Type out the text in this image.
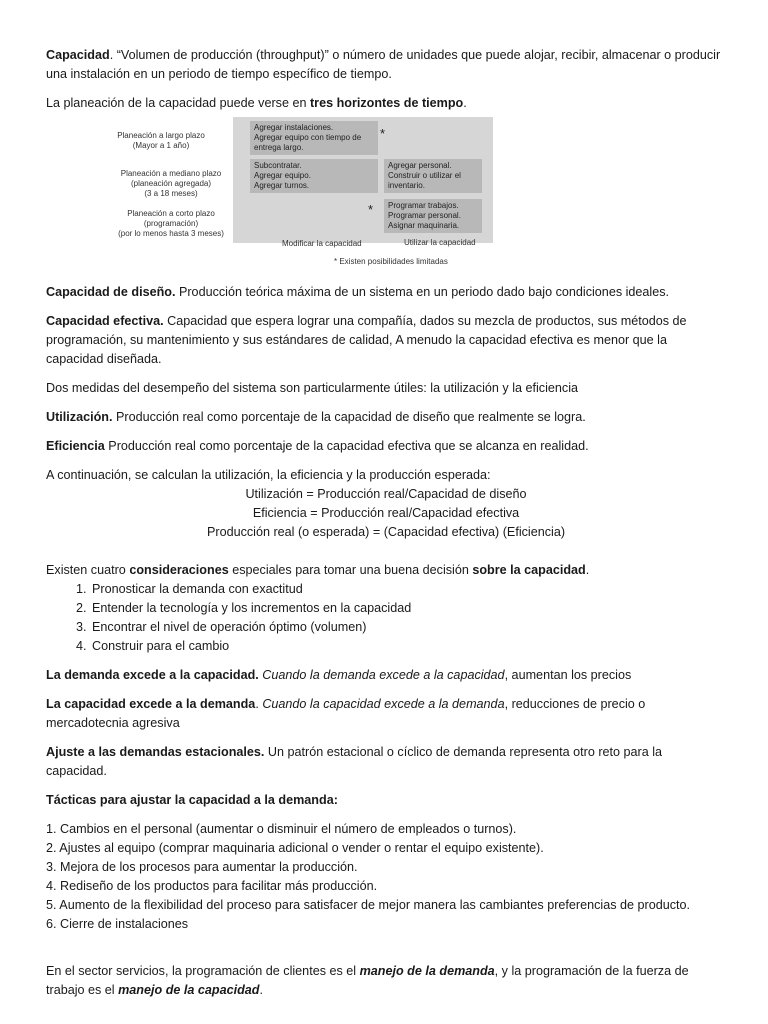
Capacidad. “Volumen de producción (throughput)” o número de unidades que puede alojar, recibir, almacenar o producir una instalación en un periodo de tiempo específico de tiempo.

La planeación de la capacidad puede verse en tres horizontes de tiempo.

Planeación a largo plazo
(Mayor a 1 año)
Planeación a mediano plazo
(planeación agregada)
(3 a 18 meses)
Planeación a corto plazo
(programación)
(por lo menos hasta 3 meses)
Agregar instalaciones.
Agregar equipo con tiempo de
entrega largo.
*
Subcontratar.
Agregar equipo.
Agregar turnos.
Agregar personal.
Construir o utilizar el
inventario.
* Programar trabajos.
Programar personal.
Asignar maquinaria.
Modificar la capacidad	Utilizar la capacidad
* Existen posibilidades limitadas

Capacidad de diseño. Producción teórica máxima de un sistema en un periodo dado bajo condiciones ideales.

Capacidad efectiva. Capacidad que espera lograr una compañía, dados su mezcla de productos, sus métodos de programación, su mantenimiento y sus estándares de calidad, A menudo la capacidad efectiva es menor que la capacidad diseñada.

Dos medidas del desempeño del sistema son particularmente útiles: la utilización y la eficiencia

Utilización. Producción real como porcentaje de la capacidad de diseño que realmente se logra.

Eficiencia Producción real como porcentaje de la capacidad efectiva que se alcanza en realidad.

A continuación, se calculan la utilización, la eficiencia y la producción esperada:

Utilización = Producción real/Capacidad de diseño
Eficiencia = Producción real/Capacidad efectiva
Producción real (o esperada) = (Capacidad efectiva) (Eficiencia)

Existen cuatro consideraciones especiales para tomar una buena decisión sobre la capacidad.

1. Pronosticar la demanda con exactitud
2. Entender la tecnología y los incrementos en la capacidad
3. Encontrar el nivel de operación óptimo (volumen)
4. Construir para el cambio

La demanda excede a la capacidad. Cuando la demanda excede a la capacidad, aumentan los precios

La capacidad excede a la demanda. Cuando la capacidad excede a la demanda, reducciones de precio o mercadotecnia agresiva

Ajuste a las demandas estacionales. Un patrón estacional o cíclico de demanda representa otro reto para la capacidad.

Tácticas para ajustar la capacidad a la demanda:

1. Cambios en el personal (aumentar o disminuir el número de empleados o turnos).
2. Ajustes al equipo (comprar maquinaria adicional o vender o rentar el equipo existente).
3. Mejora de los procesos para aumentar la producción.
4. Rediseño de los productos para facilitar más producción.
5. Aumento de la flexibilidad del proceso para satisfacer de mejor manera las cambiantes preferencias de producto.
6. Cierre de instalaciones

En el sector servicios, la programación de clientes es el manejo de la demanda, y la programación de la fuerza de trabajo es el manejo de la capacidad.
